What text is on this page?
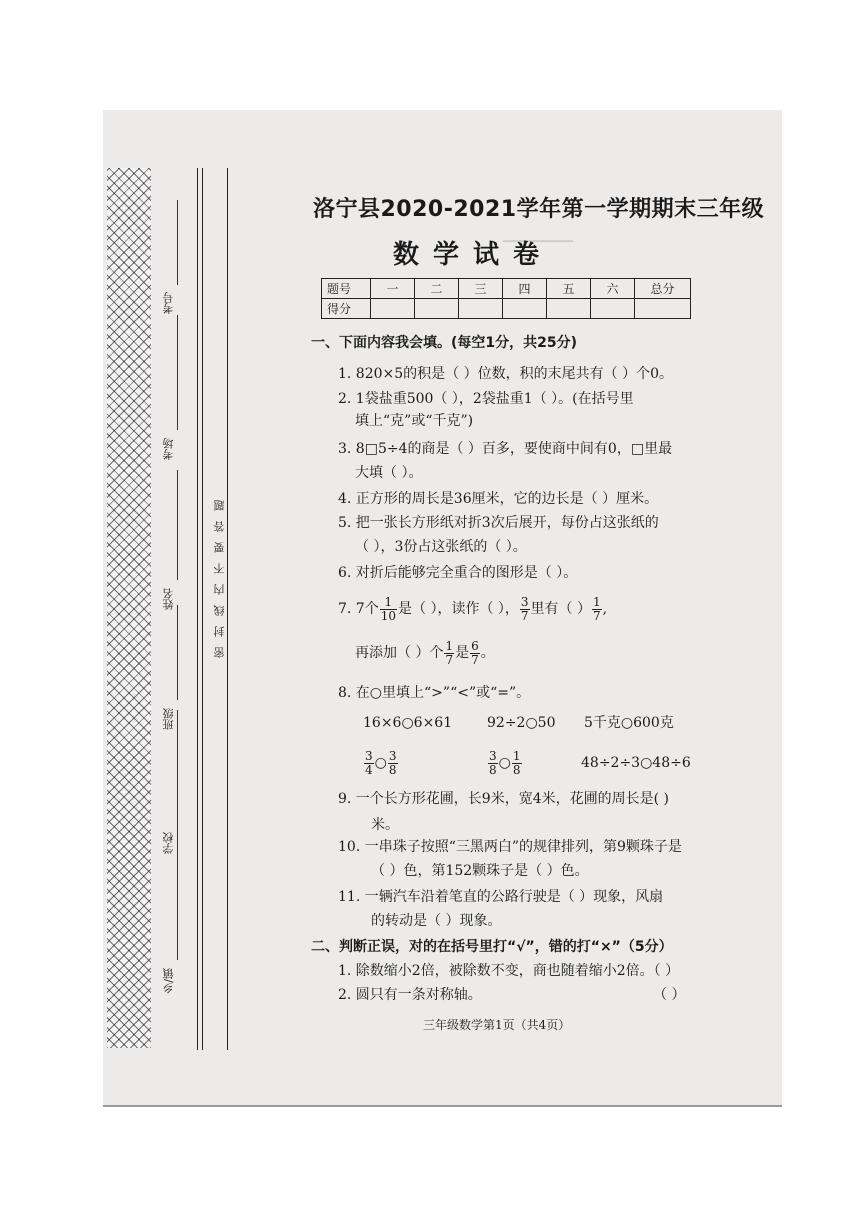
乡/镇
学校
班级
姓名
考场
考号
密封线内不要答题
▁▁▁▁▁▁▁
洛宁县2020-2021学年第一学期期末三年级
数学试卷
题号	一	二	三	四	五	六	总分
得分							
一、下面内容我会填。(每空1分，共25分)
1. 820×5的积是（ ）位数，积的末尾共有（ ）个0。
2. 1袋盐重500（ ），2袋盐重1（ ）。(在括号里
填上“克”或“千克”)
3. 8□5÷4的商是（ ）百多，要使商中间有0，□里最
大填（ ）。
4. 正方形的周长是36厘米，它的边长是（ ）厘米。
5. 把一张长方形纸对折3次后展开，每份占这张纸的
（ ），3份占这张纸的（ ）。
6. 对折后能够完全重合的图形是（ ）。
7. 7个 $\frac{1}{10}$ 是（ ），读作（ ）， $\frac{3}{7}$ 里有（ ） $\frac{1}{7}$ ,
再添加（ ）个 $\frac{1}{7}$ 是 $\frac{6}{7}$ 。
8. 在○里填上“>”“<”或“=”。
16×6○6×61 92÷2○50 5千克○600克
$\frac{3}{4}$ ○ $\frac{3}{8}$	$\frac{3}{8}$ ○ $\frac{1}{8}$	48÷2÷3○48÷6
9. 一个长方形花圃，长9米，宽4米，花圃的周长是( )
米。
10. 一串珠子按照“三黑两白”的规律排列，第9颗珠子是
（ ）色，第152颗珠子是（ ）色。
11. 一辆汽车沿着笔直的公路行驶是（ ）现象，风扇
的转动是（ ）现象。
二、判断正误，对的在括号里打“√”，错的打“×”（5分）
1. 除数缩小2倍，被除数不变，商也随着缩小2倍。（ ）
2. 圆只有一条对称轴。	（ ）
三年级数学第1页（共4页）
